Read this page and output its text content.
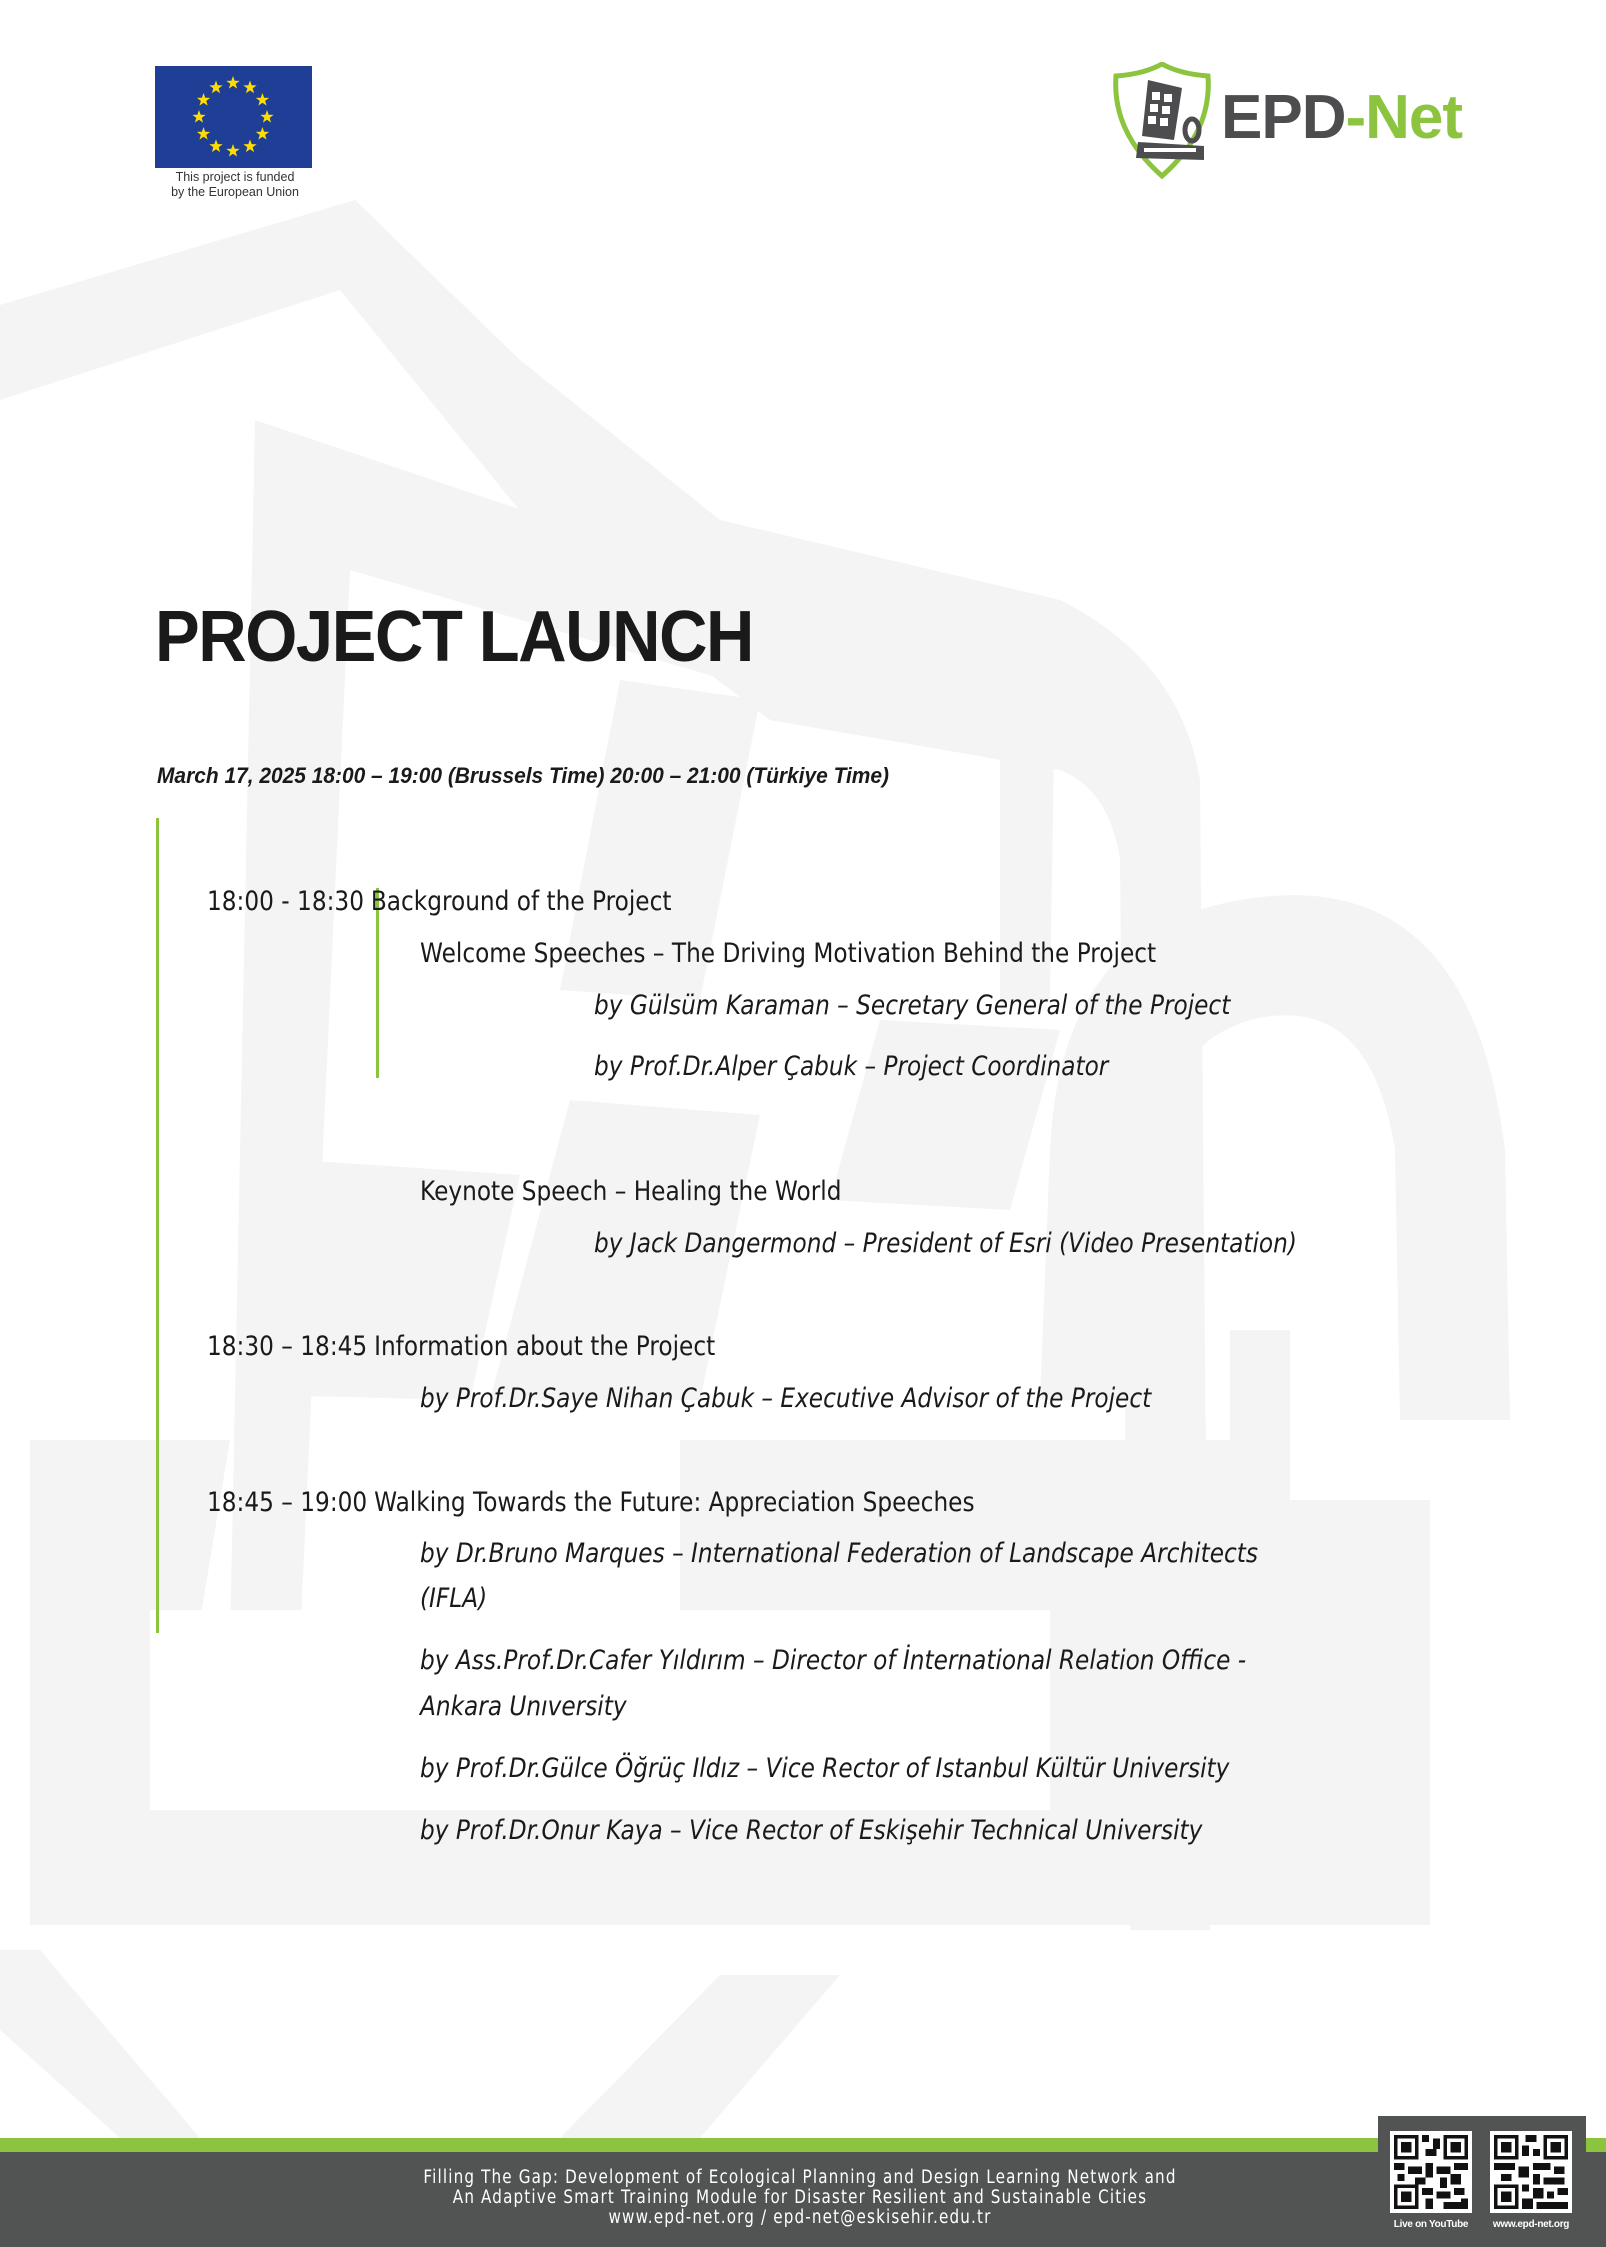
This project is funded
by the European Union
EPD-Net
PROJECT LAUNCH
March 17, 2025 18:00 – 19:00 (Brussels Time) 20:00 – 21:00 (Türkiye Time)
18:00 - 18:30 Background of the Project
Welcome Speeches – The Driving Motivation Behind the Project
by Gülsüm Karaman – Secretary General of the Project
by Prof.Dr.Alper Çabuk – Project Coordinator
Keynote Speech – Healing the World
by Jack Dangermond – President of Esri (Video Presentation)
18:30 – 18:45 Information about the Project
by Prof.Dr.Saye Nihan Çabuk – Executive Advisor of the Project
18:45 – 19:00 Walking Towards the Future: Appreciation Speeches
by Dr.Bruno Marques – International Federation of Landscape Architects
(IFLA)
by Ass.Prof.Dr.Cafer Yıldırım – Director of İnternational Relation Office -
Ankara Unıversity
by Prof.Dr.Gülce Öğrüç Ildız – Vice Rector of Istanbul Kültür University
by Prof.Dr.Onur Kaya – Vice Rector of Eskişehir Technical University
Filling The Gap: Development of Ecological Planning and Design Learning Network and
An Adaptive Smart Training Module for Disaster Resilient and Sustainable Cities
www.epd-net.org / epd-net@eskisehir.edu.tr	Live on YouTube	www.epd-net.org
